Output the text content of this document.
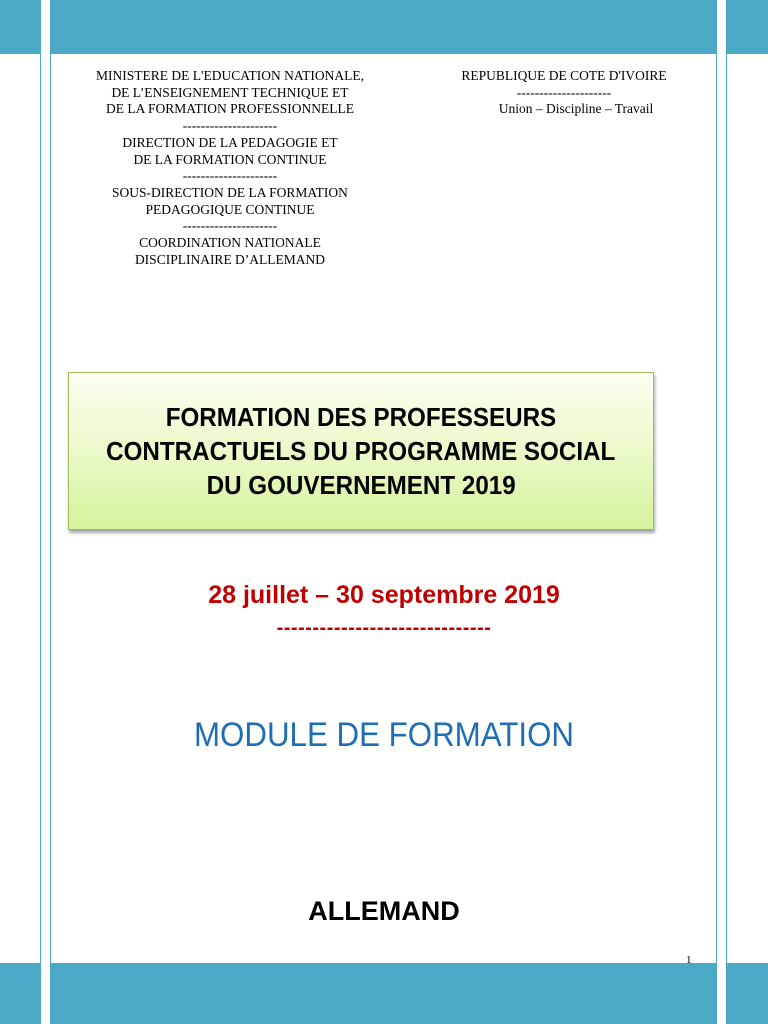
MINISTERE DE L'EDUCATION NATIONALE,
DE L’ENSEIGNEMENT TECHNIQUE ET
DE LA FORMATION PROFESSIONNELLE
---------------------
DIRECTION DE LA PEDAGOGIE ET
DE LA FORMATION CONTINUE
---------------------
SOUS-DIRECTION DE LA FORMATION
PEDAGOGIQUE CONTINUE
---------------------
COORDINATION NATIONALE
DISCIPLINAIRE D’ALLEMAND
REPUBLIQUE DE COTE D'IVOIRE
---------------------
Union – Discipline – Travail
FORMATION DES PROFESSEURS
CONTRACTUELS DU PROGRAMME SOCIAL
DU GOUVERNEMENT 2019
28 juillet – 30 septembre 2019
------------------------------
MODULE DE FORMATION
ALLEMAND
1
